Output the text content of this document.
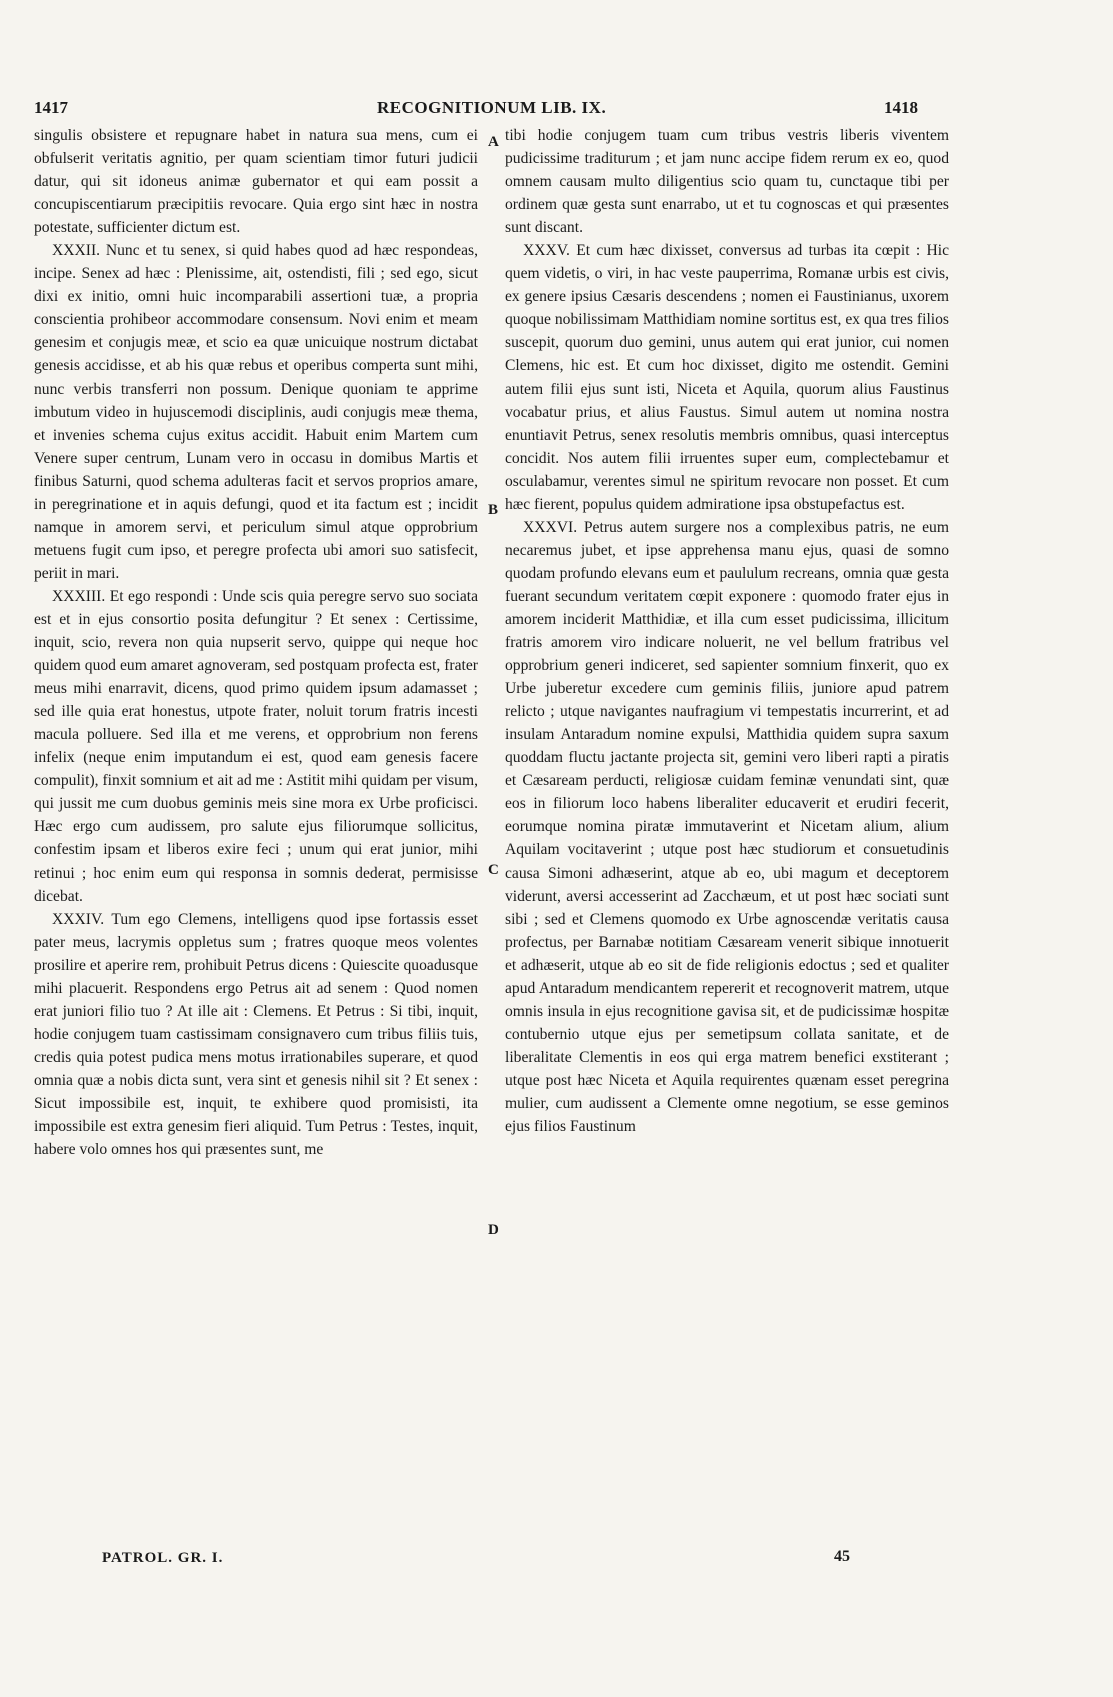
1417	RECOGNITIONUM LIB. IX.	1418

singulis obsistere et repugnare habet in natura sua mens, cum ei obfulserit veritatis agnitio, per quam scientiam timor futuri judicii datur, qui sit idoneus animæ gubernator et qui eam possit a concupiscentiarum præcipitiis revocare. Quia ergo sint hæc in nostra potestate, sufficienter dictum est.

XXXII. Nunc et tu senex, si quid habes quod ad hæc respondeas, incipe. Senex ad hæc : Plenissime, ait, ostendisti, fili ; sed ego, sicut dixi ex initio, omni huic incomparabili assertioni tuæ, a propria conscientia prohibeor accommodare consensum. Novi enim et meam genesim et conjugis meæ, et scio ea quæ unicuique nostrum dictabat genesis accidisse, et ab his quæ rebus et operibus comperta sunt mihi, nunc verbis transferri non possum. Denique quoniam te apprime imbutum video in hujuscemodi disciplinis, audi conjugis meæ thema, et invenies schema cujus exitus accidit. Habuit enim Martem cum Venere super centrum, Lunam vero in occasu in domibus Martis et finibus Saturni, quod schema adulteras facit et servos proprios amare, in peregrinatione et in aquis defungi, quod et ita factum est ; incidit namque in amorem servi, et periculum simul atque opprobrium metuens fugit cum ipso, et peregre profecta ubi amori suo satisfecit, periit in mari.

XXXIII. Et ego respondi : Unde scis quia peregre servo suo sociata est et in ejus consortio posita defungitur ? Et senex : Certissime, inquit, scio, revera non quia nupserit servo, quippe qui neque hoc quidem quod eum amaret agnoveram, sed postquam profecta est, frater meus mihi enarravit, dicens, quod primo quidem ipsum adamasset ; sed ille quia erat honestus, utpote frater, noluit torum fratris incesti macula polluere. Sed illa et me verens, et opprobrium non ferens infelix (neque enim imputandum ei est, quod eam genesis facere compulit), finxit somnium et ait ad me : Astitit mihi quidam per visum, qui jussit me cum duobus geminis meis sine mora ex Urbe proficisci. Hæc ergo cum audissem, pro salute ejus filiorumque sollicitus, confestim ipsam et liberos exire feci ; unum qui erat junior, mihi retinui ; hoc enim eum qui responsa in somnis dederat, permisisse dicebat.

XXXIV. Tum ego Clemens, intelligens quod ipse fortassis esset pater meus, lacrymis oppletus sum ; fratres quoque meos volentes prosilire et aperire rem, prohibuit Petrus dicens : Quiescite quoadusque mihi placuerit. Respondens ergo Petrus ait ad senem : Quod nomen erat juniori filio tuo ? At ille ait : Clemens. Et Petrus : Si tibi, inquit, hodie conjugem tuam castissimam consignavero cum tribus filiis tuis, credis quia potest pudica mens motus irrationabiles superare, et quod omnia quæ a nobis dicta sunt, vera sint et genesis nihil sit ? Et senex : Sicut impossibile est, inquit, te exhibere quod promisisti, ita impossibile est extra genesim fieri aliquid. Tum Petrus : Testes, inquit, habere volo omnes hos qui præsentes sunt, me

A
B
C
D

tibi hodie conjugem tuam cum tribus vestris liberis viventem pudicissime traditurum ; et jam nunc accipe fidem rerum ex eo, quod omnem causam multo diligentius scio quam tu, cunctaque tibi per ordinem quæ gesta sunt enarrabo, ut et tu cognoscas et qui præsentes sunt discant.

XXXV. Et cum hæc dixisset, conversus ad turbas ita cœpit : Hic quem videtis, o viri, in hac veste pauperrima, Romanæ urbis est civis, ex genere ipsius Cæsaris descendens ; nomen ei Faustinianus, uxorem quoque nobilissimam Matthidiam nomine sortitus est, ex qua tres filios suscepit, quorum duo gemini, unus autem qui erat junior, cui nomen Clemens, hic est. Et cum hoc dixisset, digito me ostendit. Gemini autem filii ejus sunt isti, Niceta et Aquila, quorum alius Faustinus vocabatur prius, et alius Faustus. Simul autem ut nomina nostra enuntiavit Petrus, senex resolutis membris omnibus, quasi interceptus concidit. Nos autem filii irruentes super eum, complectebamur et osculabamur, verentes simul ne spiritum revocare non posset. Et cum hæc fierent, populus quidem admiratione ipsa obstupefactus est.

XXXVI. Petrus autem surgere nos a complexibus patris, ne eum necaremus jubet, et ipse apprehensa manu ejus, quasi de somno quodam profundo elevans eum et paululum recreans, omnia quæ gesta fuerant secundum veritatem cœpit exponere : quomodo frater ejus in amorem inciderit Matthidiæ, et illa cum esset pudicissima, illicitum fratris amorem viro indicare noluerit, ne vel bellum fratribus vel opprobrium generi indiceret, sed sapienter somnium finxerit, quo ex Urbe juberetur excedere cum geminis filiis, juniore apud patrem relicto ; utque navigantes naufragium vi tempestatis incurrerint, et ad insulam Antaradum nomine expulsi, Matthidia quidem supra saxum quoddam fluctu jactante projecta sit, gemini vero liberi rapti a piratis et Cæsaream perducti, religiosæ cuidam feminæ venundati sint, quæ eos in filiorum loco habens liberaliter educaverit et erudiri fecerit, eorumque nomina piratæ immutaverint et Nicetam alium, alium Aquilam vocitaverint ; utque post hæc studiorum et consuetudinis causa Simoni adhæserint, atque ab eo, ubi magum et deceptorem viderunt, aversi accesserint ad Zacchæum, et ut post hæc sociati sunt sibi ; sed et Clemens quomodo ex Urbe agnoscendæ veritatis causa profectus, per Barnabæ notitiam Cæsaream venerit sibique innotuerit et adhæserit, utque ab eo sit de fide religionis edoctus ; sed et qualiter apud Antaradum mendicantem repererit et recognoverit matrem, utque omnis insula in ejus recognitione gavisa sit, et de pudicissimæ hospitæ contubernio utque ejus per semetipsum collata sanitate, et de liberalitate Clementis in eos qui erga matrem benefici exstiterant ; utque post hæc Niceta et Aquila requirentes quænam esset peregrina mulier, cum audissent a Clemente omne negotium, se esse geminos ejus filios Faustinum

PATROL. GR. I.	45
